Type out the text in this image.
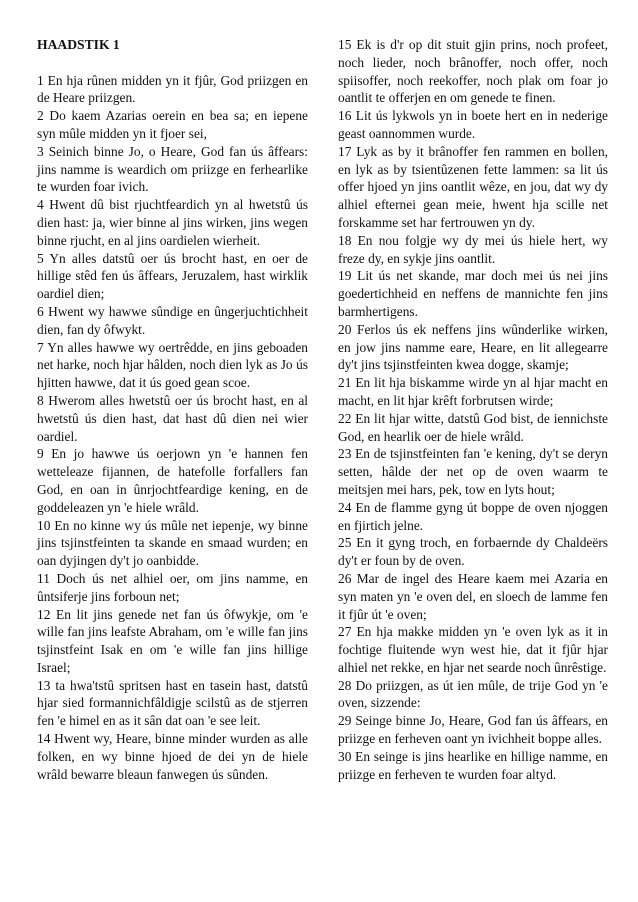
HAADSTIK 1

1 En hja rûnen midden yn it fjûr, God priizgen en de Heare priizgen.

2 Do kaem Azarias oerein en bea sa; en iepene syn mûle midden yn it fjoer sei,

3 Seinich binne Jo, o Heare, God fan ús âffears: jins namme is weardich om priizge en ferhearlike te wurden foar ivich.

4 Hwent dû bist rjuchtfeardich yn al hwetstû ús dien hast: ja, wier binne al jins wirken, jins wegen binne rjucht, en al jins oardielen wierheit.

5 Yn alles datstû oer ús brocht hast, en oer de hillige stêd fen ús âffears, Jeruzalem, hast wirklik oardiel dien;

6 Hwent wy hawwe sûndige en ûngerjuchtichheit dien, fan dy ôfwykt.

7 Yn alles hawwe wy oertrêdde, en jins geboaden net harke, noch hjar hâlden, noch dien lyk as Jo ús hjitten hawwe, dat it ús goed gean scoe.

8 Hwerom alles hwetstû oer ús brocht hast, en al hwetstû ús dien hast, dat hast dû dien nei wier oardiel.

9 En jo hawwe ús oerjown yn 'e hannen fen wetteleaze fijannen, de hatefolle forfallers fan God, en oan in ûnrjochtfeardige kening, en de goddeleazen yn 'e hiele wrâld.

10 En no kinne wy ús mûle net iepenje, wy binne jins tsjinstfeinten ta skande en smaad wurden; en oan dyjingen dy't jo oanbidde.

11 Doch ús net alhiel oer, om jins namme, en ûntsiferje jins forboun net;

12 En lit jins genede net fan ús ôfwykje, om 'e wille fan jins leafste Abraham, om 'e wille fan jins tsjinstfeint Isak en om 'e wille fan jins hillige Israel;

13 ta hwa'tstû spritsen hast en tasein hast, datstû hjar sied formannichfâldigje scilstû as de stjerren fen 'e himel en as it sân dat oan 'e see leit.

14 Hwent wy, Heare, binne minder wurden as alle folken, en wy binne hjoed de dei yn de hiele wrâld bewarre bleaun fanwegen ús sûnden.

15 Ek is d'r op dit stuit gjin prins, noch profeet, noch lieder, noch brânoffer, noch offer, noch spiisoffer, noch reekoffer, noch plak om foar jo oantlit te offerjen en om genede te finen.

16 Lit ús lykwols yn in boete hert en in nederige geast oannommen wurde.

17 Lyk as by it brânoffer fen rammen en bollen, en lyk as by tsientûzenen fette lammen: sa lit ús offer hjoed yn jins oantlit wêze, en jou, dat wy dy alhiel efternei gean meie, hwent hja scille net forskamme set har fertrouwen yn dy.

18 En nou folgje wy dy mei ús hiele hert, wy freze dy, en sykje jins oantlit.

19 Lit ús net skande, mar doch mei ús nei jins goedertichheid en neffens de mannichte fen jins barmhertigens.

20 Ferlos ús ek neffens jins wûnderlike wirken, en jow jins namme eare, Heare, en lit allegearre dy't jins tsjinstfeinten kwea dogge, skamje;

21 En lit hja biskamme wirde yn al hjar macht en macht, en lit hjar krêft forbrutsen wirde;

22 En lit hjar witte, datstû God bist, de iennichste God, en hearlik oer de hiele wrâld.

23 En de tsjinstfeinten fan 'e kening, dy't se deryn setten, hâlde der net op de oven waarm te meitsjen mei hars, pek, tow en lyts hout;

24 En de flamme gyng út boppe de oven njoggen en fjirtich jelne.

25 En it gyng troch, en forbaernde dy Chaldeërs dy't er foun by de oven.

26 Mar de ingel des Heare kaem mei Azaria en syn maten yn 'e oven del, en sloech de lamme fen it fjûr út 'e oven;

27 En hja makke midden yn 'e oven lyk as it in fochtige fluitende wyn west hie, dat it fjûr hjar alhiel net rekke, en hjar net searde noch ûnrêstige.

28 Do priizgen, as út ien mûle, de trije God yn 'e oven, sizzende:

29 Seinge binne Jo, Heare, God fan ús âffears, en priizge en ferheven oant yn ivichheit boppe alles.

30 En seinge is jins hearlike en hillige namme, en priizge en ferheven te wurden foar altyd.
